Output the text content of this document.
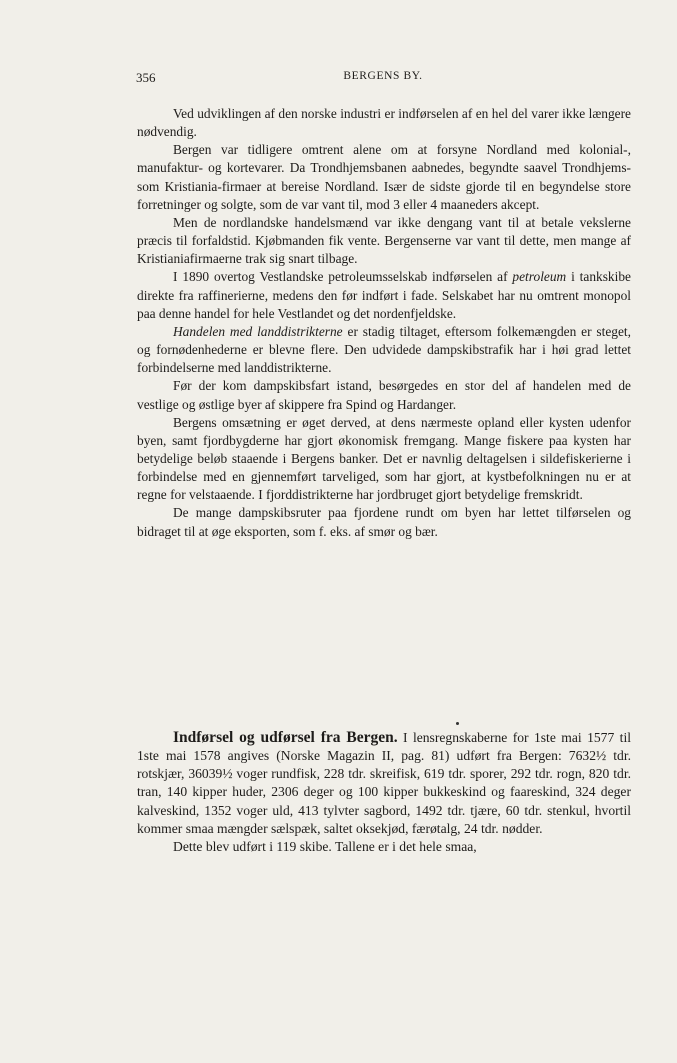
356	BERGENS BY.

Ved udviklingen af den norske industri er indførselen af en hel del varer ikke længere nødvendig.

Bergen var tidligere omtrent alene om at forsyne Nordland med kolonial-, manufaktur- og kortevarer. Da Trondhjemsbanen aabnedes, begyndte saavel Trondhjems- som Kristiania-firmaer at bereise Nordland. Især de sidste gjorde til en begyndelse store forretninger og solgte, som de var vant til, mod 3 eller 4 maaneders akcept.

Men de nordlandske handelsmænd var ikke dengang vant til at betale vekslerne præcis til forfaldstid. Kjøbmanden fik vente. Bergenserne var vant til dette, men mange af Kristianiafirmaerne trak sig snart tilbage.

I 1890 overtog Vestlandske petroleumsselskab indførselen af petroleum i tankskibe direkte fra raffinerierne, medens den før indført i fade. Selskabet har nu omtrent monopol paa denne handel for hele Vestlandet og det nordenfjeldske.

Handelen med landdistrikterne er stadig tiltaget, eftersom folkemængden er steget, og fornødenhederne er blevne flere. Den udvidede dampskibstrafik har i høi grad lettet forbindelserne med landdistrikterne.

Før der kom dampskibsfart istand, besørgedes en stor del af handelen med de vestlige og østlige byer af skippere fra Spind og Hardanger.

Bergens omsætning er øget derved, at dens nærmeste opland eller kysten udenfor byen, samt fjordbygderne har gjort økonomisk fremgang. Mange fiskere paa kysten har betydelige beløb staaende i Bergens banker. Det er navnlig deltagelsen i sildefiskerierne i forbindelse med en gjennemført tarveliged, som har gjort, at kystbefolkningen nu er at regne for velstaaende. I fjorddistrikterne har jordbruget gjort betydelige fremskridt.

De mange dampskibsruter paa fjordene rundt om byen har lettet tilførselen og bidraget til at øge eksporten, som f. eks. af smør og bær.

Indførsel og udførsel fra Bergen. I lensregnskaberne for 1ste mai 1577 til 1ste mai 1578 angives (Norske Magazin II, pag. 81) udført fra Bergen: 7632½ tdr. rotskjær, 36039½ voger rundfisk, 228 tdr. skreifisk, 619 tdr. sporer, 292 tdr. rogn, 820 tdr. tran, 140 kipper huder, 2306 deger og 100 kipper bukkeskind og faareskind, 324 deger kalveskind, 1352 voger uld, 413 tylvter sagbord, 1492 tdr. tjære, 60 tdr. stenkul, hvortil kommer smaa mængder sælspæk, saltet oksekjød, færøtalg, 24 tdr. nødder.

Dette blev udført i 119 skibe. Tallene er i det hele smaa,
